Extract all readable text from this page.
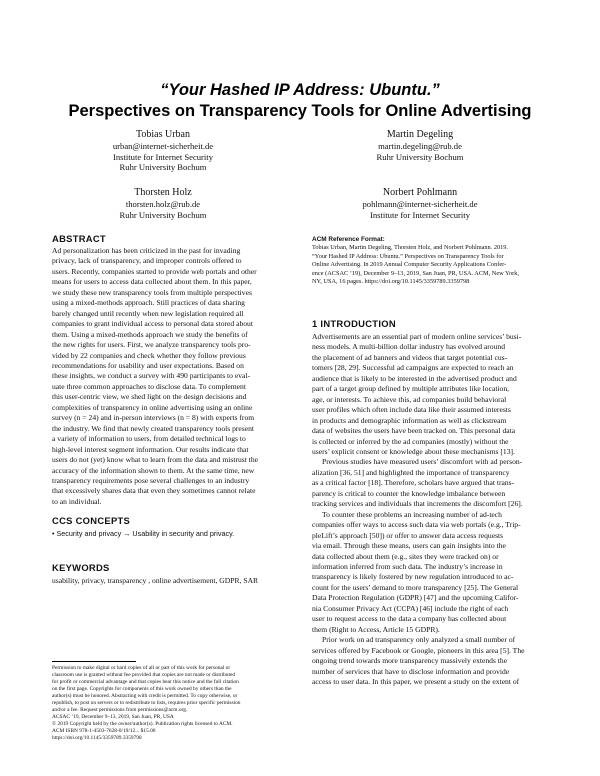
“Your Hashed IP Address: Ubuntu.”
Perspectives on Transparency Tools for Online Advertising
Tobias Urban
urban@internet-sicherheit.de
Institute for Internet Security
Ruhr University Bochum
Martin Degeling
martin.degeling@rub.de
Ruhr University Bochum
Thorsten Holz
thorsten.holz@rub.de
Ruhr University Bochum
Norbert Pohlmann
pohlmann@internet-sicherheit.de
Institute for Internet Security
ABSTRACT
Ad personalization has been criticized in the past for invading
privacy, lack of transparency, and improper controls offered to
users. Recently, companies started to provide web portals and other
means for users to access data collected about them. In this paper,
we study these new transparency tools from multiple perspectives
using a mixed-methods approach. Still practices of data sharing
barely changed until recently when new legislation required all
companies to grant individual access to personal data stored about
them. Using a mixed-methods approach we study the benefits of
the new rights for users. First, we analyze transparency tools pro-
vided by 22 companies and check whether they follow previous
recommendations for usability and user expectations. Based on
these insights, we conduct a survey with 490 participants to eval-
uate three common approaches to disclose data. To complement
this user-centric view, we shed light on the design decisions and
complexities of transparency in online advertising using an online
survey (n = 24) and in-person interviews (n = 8) with experts from
the industry. We find that newly created transparency tools present
a variety of information to users, from detailed technical logs to
high-level interest segment information. Our results indicate that
users do not (yet) know what to learn from the data and mistrust the
accuracy of the information shown to them. At the same time, new
transparency requirements pose several challenges to an industry
that excessively shares data that even they sometimes cannot relate
to an individual.
CCS CONCEPTS
• Security and privacy → Usability in security and privacy.
KEYWORDS
usability, privacy, transparency , online advertisement, GDPR, SAR
Permission to make digital or hard copies of all or part of this work for personal or
classroom use is granted without fee provided that copies are not made or distributed
for profit or commercial advantage and that copies bear this notice and the full citation
on the first page. Copyrights for components of this work owned by others than the
author(s) must be honored. Abstracting with credit is permitted. To copy otherwise, or
republish, to post on servers or to redistribute to lists, requires prior specific permission
and/or a fee. Request permissions from permissions@acm.org.
ACSAC ’19, December 9–13, 2019, San Juan, PR, USA
© 2019 Copyright held by the owner/author(s). Publication rights licensed to ACM.
ACM ISBN 978-1-4503-7628-0/19/12... $15.00
https://doi.org/10.1145/3359789.3359798
ACM Reference Format:
Tobias Urban, Martin Degeling, Thorsten Holz, and Norbert Pohlmann. 2019.
“Your Hashed IP Address: Ubuntu.” Perspectives on Transparency Tools for
Online Advertising. In 2019 Annual Computer Security Applications Confer-
ence (ACSAC ’19), December 9–13, 2019, San Juan, PR, USA. ACM, New York,
NY, USA, 16 pages. https://doi.org/10.1145/3359789.3359798
1 INTRODUCTION
Advertisements are an essential part of modern online services’ busi-
ness models. A multi-billion dollar industry has evolved around
the placement of ad banners and videos that target potential cus-
tomers [28, 29]. Successful ad campaigns are expected to reach an
audience that is likely to be interested in the advertised product and
part of a target group defined by multiple attributes like location,
age, or interests. To achieve this, ad companies build behavioral
user profiles which often include data like their assumed interests
in products and demographic information as well as clickstream
data of websites the users have been tracked on. This personal data
is collected or inferred by the ad companies (mostly) without the
users’ explicit consent or knowledge about these mechanisms [13].
Previous studies have measured users’ discomfort with ad person-
alization [36, 51] and highlighted the importance of transparency
as a critical factor [18]. Therefore, scholars have argued that trans-
parency is critical to counter the knowledge imbalance between
tracking services and individuals that increments the discomfort [26].
To counter these problems an increasing number of ad-tech
companies offer ways to access such data via web portals (e.g., Trip-
pleLift’s approach [50]) or offer to answer data access requests
via email. Through these means, users can gain insights into the
data collected about them (e.g., sites they were tracked on) or
information inferred from such data. The industry’s increase in
transparency is likely fostered by new regulation introduced to ac-
count for the users’ demand to more transparency [25]. The General
Data Protection Regulation (GDPR) [47] and the upcoming Califor-
nia Consumer Privacy Act (CCPA) [46] include the right of each
user to request access to the data a company has collected about
them (Right to Access, Article 15 GDPR).
Prior work on ad transparency only analyzed a small number of
services offered by Facebook or Google, pioneers in this area [5]. The
ongoing trend towards more transparency massively extends the
number of services that have to disclose information and provide
access to user data. In this paper, we present a study on the extent of
